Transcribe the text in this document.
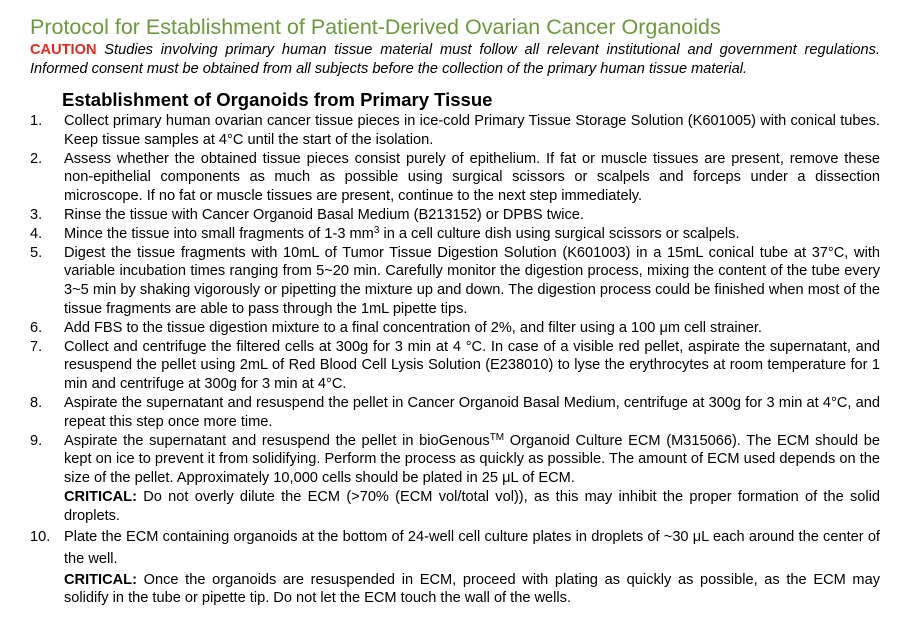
Protocol for Establishment of Patient-Derived Ovarian Cancer Organoids
CAUTION Studies involving primary human tissue material must follow all relevant institutional and government regulations. Informed consent must be obtained from all subjects before the collection of the primary human tissue material.
Establishment of Organoids from Primary Tissue
1. Collect primary human ovarian cancer tissue pieces in ice-cold Primary Tissue Storage Solution (K601005) with conical tubes. Keep tissue samples at 4°C until the start of the isolation.
2. Assess whether the obtained tissue pieces consist purely of epithelium. If fat or muscle tissues are present, remove these non-epithelial components as much as possible using surgical scissors or scalpels and forceps under a dissection microscope. If no fat or muscle tissues are present, continue to the next step immediately.
3. Rinse the tissue with Cancer Organoid Basal Medium (B213152) or DPBS twice.
4. Mince the tissue into small fragments of 1-3 $mm^3$ in a cell culture dish using surgical scissors or scalpels.
5. Digest the tissue fragments with 10mL of Tumor Tissue Digestion Solution (K601003) in a 15mL conical tube at 37°C, with variable incubation times ranging from 5~20 min. Carefully monitor the digestion process, mixing the content of the tube every 3~5 min by shaking vigorously or pipetting the mixture up and down. The digestion process could be finished when most of the tissue fragments are able to pass through the 1mL pipette tips.
6. Add FBS to the tissue digestion mixture to a final concentration of 2%, and filter using a 100 μm cell strainer.
7. Collect and centrifuge the filtered cells at 300g for 3 min at 4 °C. In case of a visible red pellet, aspirate the supernatant, and resuspend the pellet using 2mL of Red Blood Cell Lysis Solution (E238010) to lyse the erythrocytes at room temperature for 1 min and centrifuge at 300g for 3 min at 4°C.
8. Aspirate the supernatant and resuspend the pellet in Cancer Organoid Basal Medium, centrifuge at 300g for 3 min at 4°C, and repeat this step once more time.
9. Aspirate the supernatant and resuspend the pellet in bioGenous™ Organoid Culture ECM (M315066). The ECM should be kept on ice to prevent it from solidifying. Perform the process as quickly as possible. The amount of ECM used depends on the size of the pellet. Approximately 10,000 cells should be plated in 25 μL of ECM.
CRITICAL: Do not overly dilute the ECM (>70% (ECM vol/total vol)), as this may inhibit the proper formation of the solid droplets.
10. Plate the ECM containing organoids at the bottom of 24-well cell culture plates in droplets of ~30 μL each around the center of the well.
CRITICAL: Once the organoids are resuspended in ECM, proceed with plating as quickly as possible, as the ECM may solidify in the tube or pipette tip. Do not let the ECM touch the wall of the wells.
